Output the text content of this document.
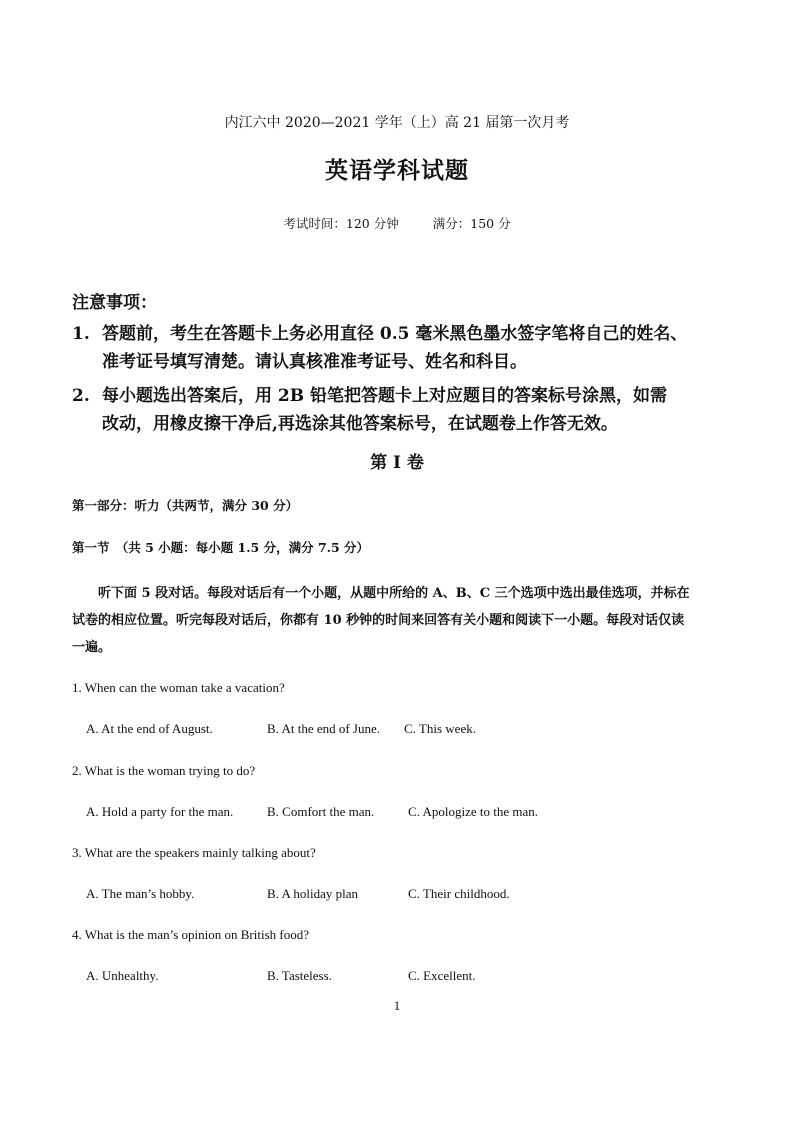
内江六中 2020—2021 学年（上）高 21 届第一次月考
英语学科试题
考试时间：120 分钟	满分：150 分
注意事项：
1. 答题前，考生在答题卡上务必用直径 0.5 毫米黑色墨水签字笔将自己的姓名、
准考证号填写清楚。请认真核准准考证号、姓名和科目。
2. 每小题选出答案后，用 2B 铅笔把答题卡上对应题目的答案标号涂黑，如需
改动，用橡皮擦干净后,再选涂其他答案标号，在试题卷上作答无效。
第 I 卷
第一部分：听力（共两节，满分 30 分）
第一节　（共 5 小题：每小题 1.5 分，满分 7.5 分）
听下面 5 段对话。每段对话后有一个小题，从题中所给的 A、B、C 三个选项中选出最佳选项，并标在
试卷的相应位置。听完每段对话后，你都有 10 秒钟的时间来回答有关小题和阅读下一小题。每段对话仅读
一遍。
1. When can the woman take a vacation?
A. At the end of August.	B. At the end of June. C. This week.
2. What is the woman trying to do?
A. Hold a party for the man.	B. Comfort the man.	C. Apologize to the man.
3. What are the speakers mainly talking about?
A. The man’s hobby.	B. A holiday plan	C. Their childhood.
4. What is the man’s opinion on British food?
A. Unhealthy.	B. Tasteless.	C. Excellent.
1
